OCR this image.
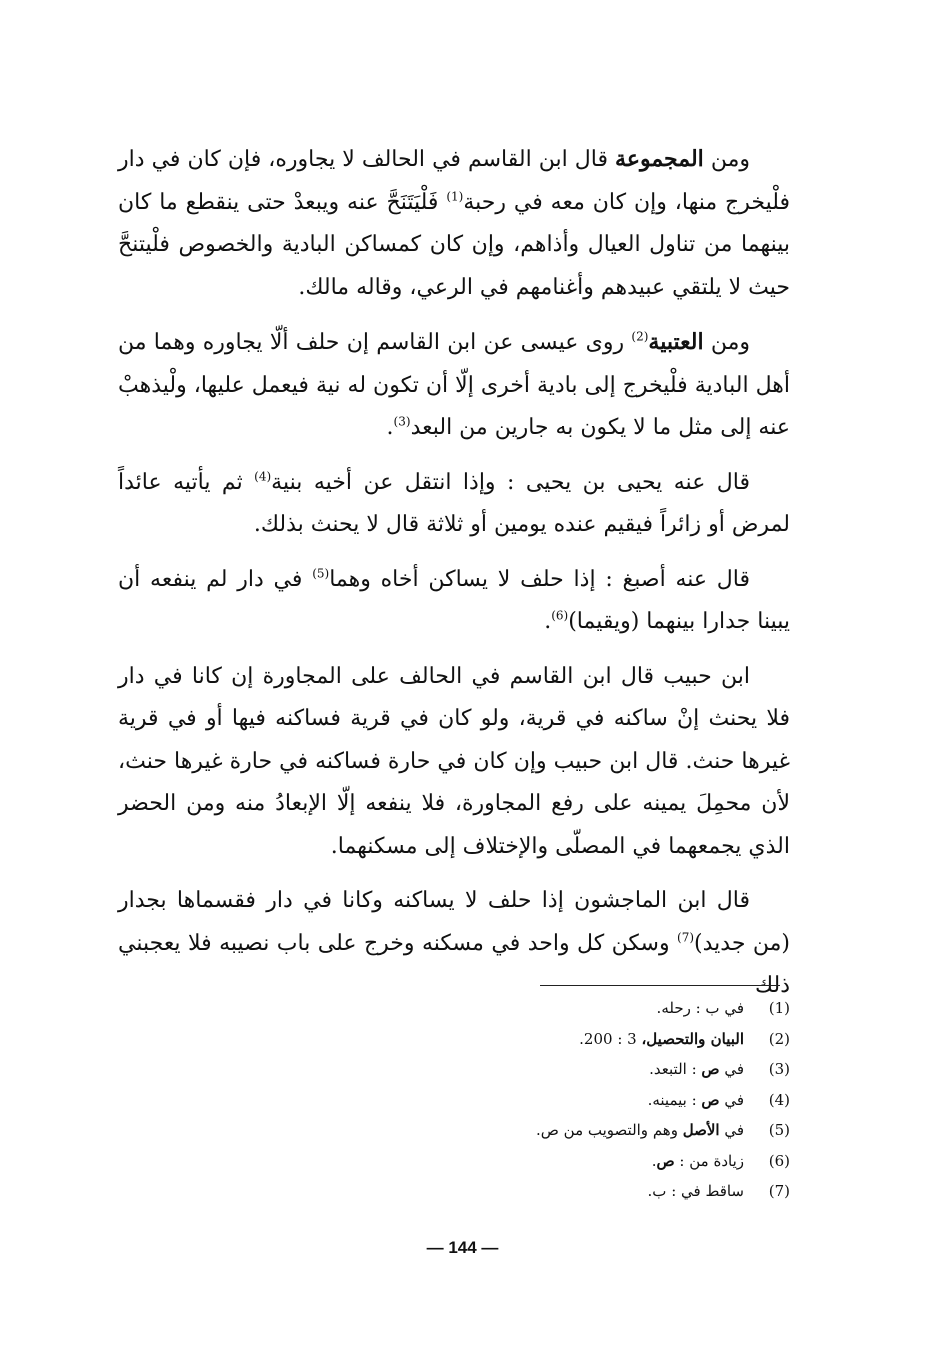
ومن المجموعة قال ابن القاسم في الحالف لا يجاوره، فإن كان في دار فلْيخرج منها، وإن كان معه في رحبة$^{(1)}$ فَلْيَتَنَحَّ عنه ويبعدْ حتى ينقطع ما كان بينهما من تناول العيال وأذاهم، وإن كان كمساكن البادية والخصوص فلْيتنحَّ حيث لا يلتقي عبيدهم وأغنامهم في الرعي، وقاله مالك.

ومن العتبية$^{(2)}$ روى عيسى عن ابن القاسم إن حلف ألّا يجاوره وهما من أهل البادية فلْيخرج إلى بادية أخرى إلّا أن تكون له نية فيعمل عليها، ولْيذهبْ عنه إلى مثل ما لا يكون به جارين من البعد$^{(3)}$.

قال عنه يحيى بن يحيى : وإذا انتقل عن أخيه بنية$^{(4)}$ ثم يأتيه عائداً لمرض أو زائراً فيقيم عنده يومين أو ثلاثة قال لا يحنث بذلك.

قال عنه أصبغ : إذا حلف لا يساكن أخاه وهما$^{(5)}$ في دار لم ينفعه أن يبينا جدارا بينهما (ويقيما)$^{(6)}$.

ابن حبيب قال ابن القاسم في الحالف على المجاورة إن كانا في دار فلا يحنث إنْ ساكنه في قرية، ولو كان في قرية فساكنه فيها أو في قرية غيرها حنث. قال ابن حبيب وإن كان في حارة فساكنه في حارة غيرها حنث، لأن محمِلَ يمينه على رفع المجاورة، فلا ينفعه إلّا الإبعادُ منه ومن الحضر الذي يجمعهما في المصلّى والإختلاف إلى مسكنهما.

قال ابن الماجشون إذا حلف لا يساكنه وكانا في دار فقسماها بجدار (من جديد)$^{(7)}$ وسكن كل واحد في مسكنه وخرج على باب نصيبه فلا يعجبني ذلك

(1)في ب : رحله.
(2)البيان والتحصيل، 3 : 200.
(3)في ص : التبعد.
(4)في ص : بيمينه.
(5)في الأصل وهم والتصويب من ص.
(6)زيادة من : ص.
(7)ساقط في : ب.
— 144 —
